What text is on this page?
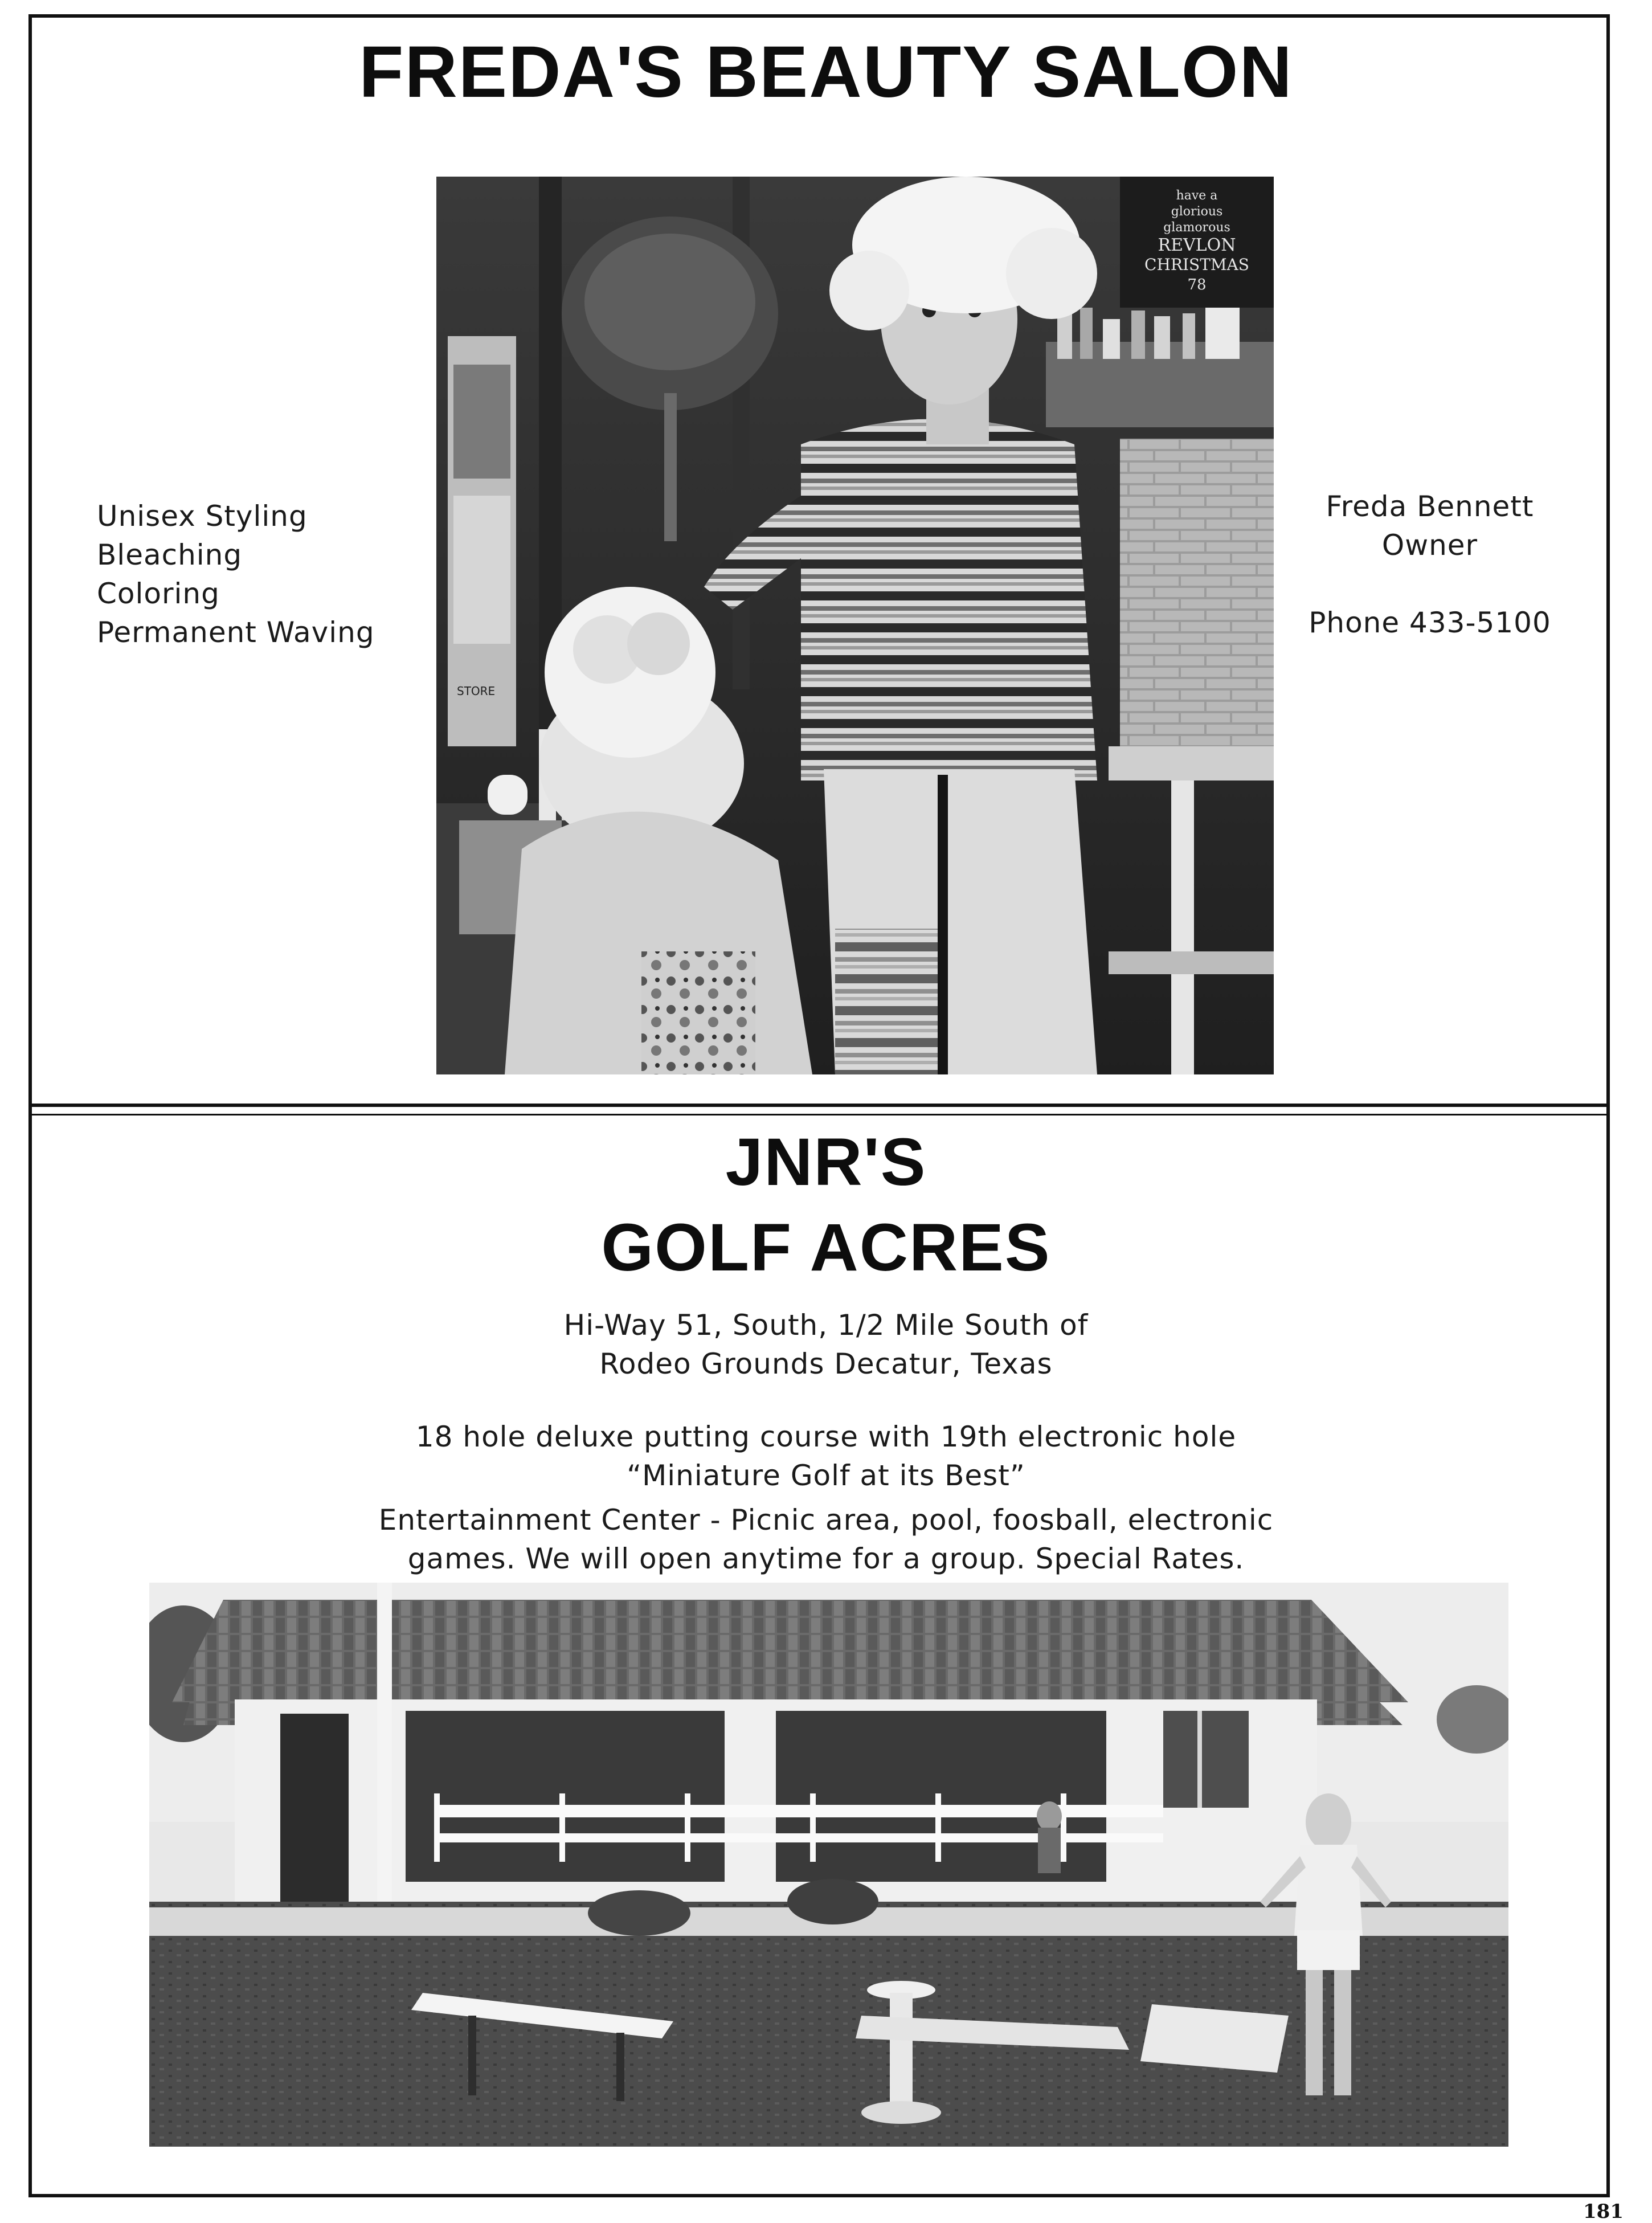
FREDA'S BEAUTY SALON
Unisex Styling
Bleaching
Coloring
Permanent Waving
Freda Bennett
Owner
Phone 433-5100
STORE
have a
glorious
glamorous
REVLON
CHRISTMAS
78
JNR'S
GOLF ACRES
Hi-Way 51, South, 1/2 Mile South of
Rodeo Grounds Decatur, Texas
18 hole deluxe putting course with 19th electronic hole
“Miniature Golf at its Best”
Entertainment Center - Picnic area, pool, foosball, electronic
games. We will open anytime for a group. Special Rates.
181
